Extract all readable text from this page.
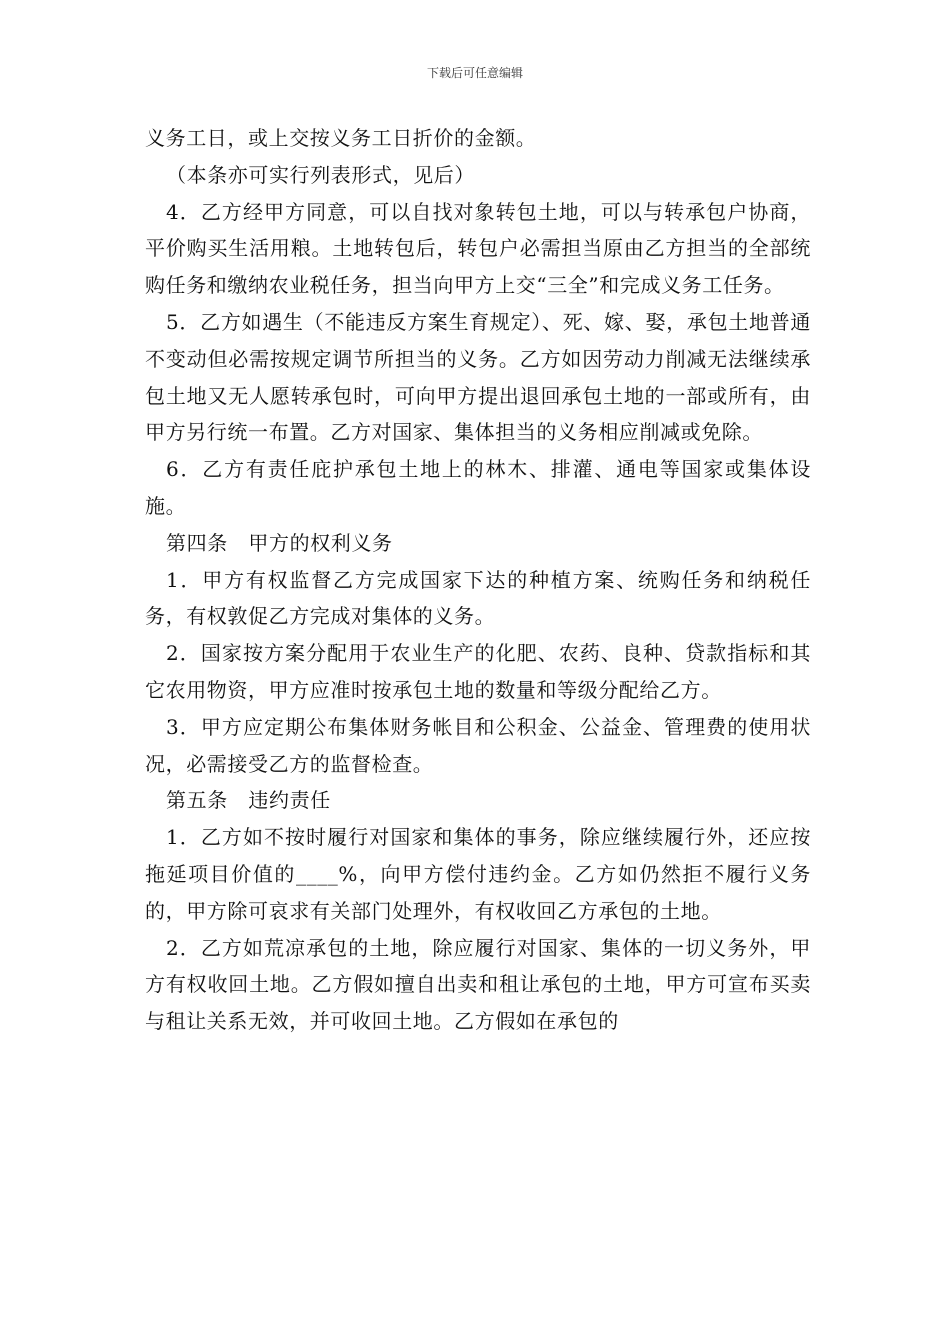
下载后可任意编辑

义务工日，或上交按义务工日折价的金额。

（本条亦可实行列表形式，见后）

4．乙方经甲方同意，可以自找对象转包土地，可以与转承包户协商，平价购买生活用粮。土地转包后，转包户必需担当原由乙方担当的全部统购任务和缴纳农业税任务，担当向甲方上交“三全”和完成义务工任务。

5．乙方如遇生（不能违反方案生育规定）、死、嫁、娶，承包土地普通不变动但必需按规定调节所担当的义务。乙方如因劳动力削减无法继续承包土地又无人愿转承包时，可向甲方提出退回承包土地的一部或所有，由甲方另行统一布置。乙方对国家、集体担当的义务相应削减或免除。

6．乙方有责任庇护承包土地上的林木、排灌、通电等国家或集体设施。

第四条　甲方的权利义务

1．甲方有权监督乙方完成国家下达的种植方案、统购任务和纳税任务，有权敦促乙方完成对集体的义务。

2．国家按方案分配用于农业生产的化肥、农药、良种、贷款指标和其它农用物资，甲方应准时按承包土地的数量和等级分配给乙方。

3．甲方应定期公布集体财务帐目和公积金、公益金、管理费的使用状况，必需接受乙方的监督检查。

第五条　违约责任

1．乙方如不按时履行对国家和集体的事务，除应继续履行外，还应按拖延项目价值的____%，向甲方偿付违约金。乙方如仍然拒不履行义务的，甲方除可哀求有关部门处理外，有权收回乙方承包的土地。

2．乙方如荒凉承包的土地，除应履行对国家、集体的一切义务外，甲方有权收回土地。乙方假如擅自出卖和租让承包的土地，甲方可宣布买卖与租让关系无效，并可收回土地。乙方假如在承包的
